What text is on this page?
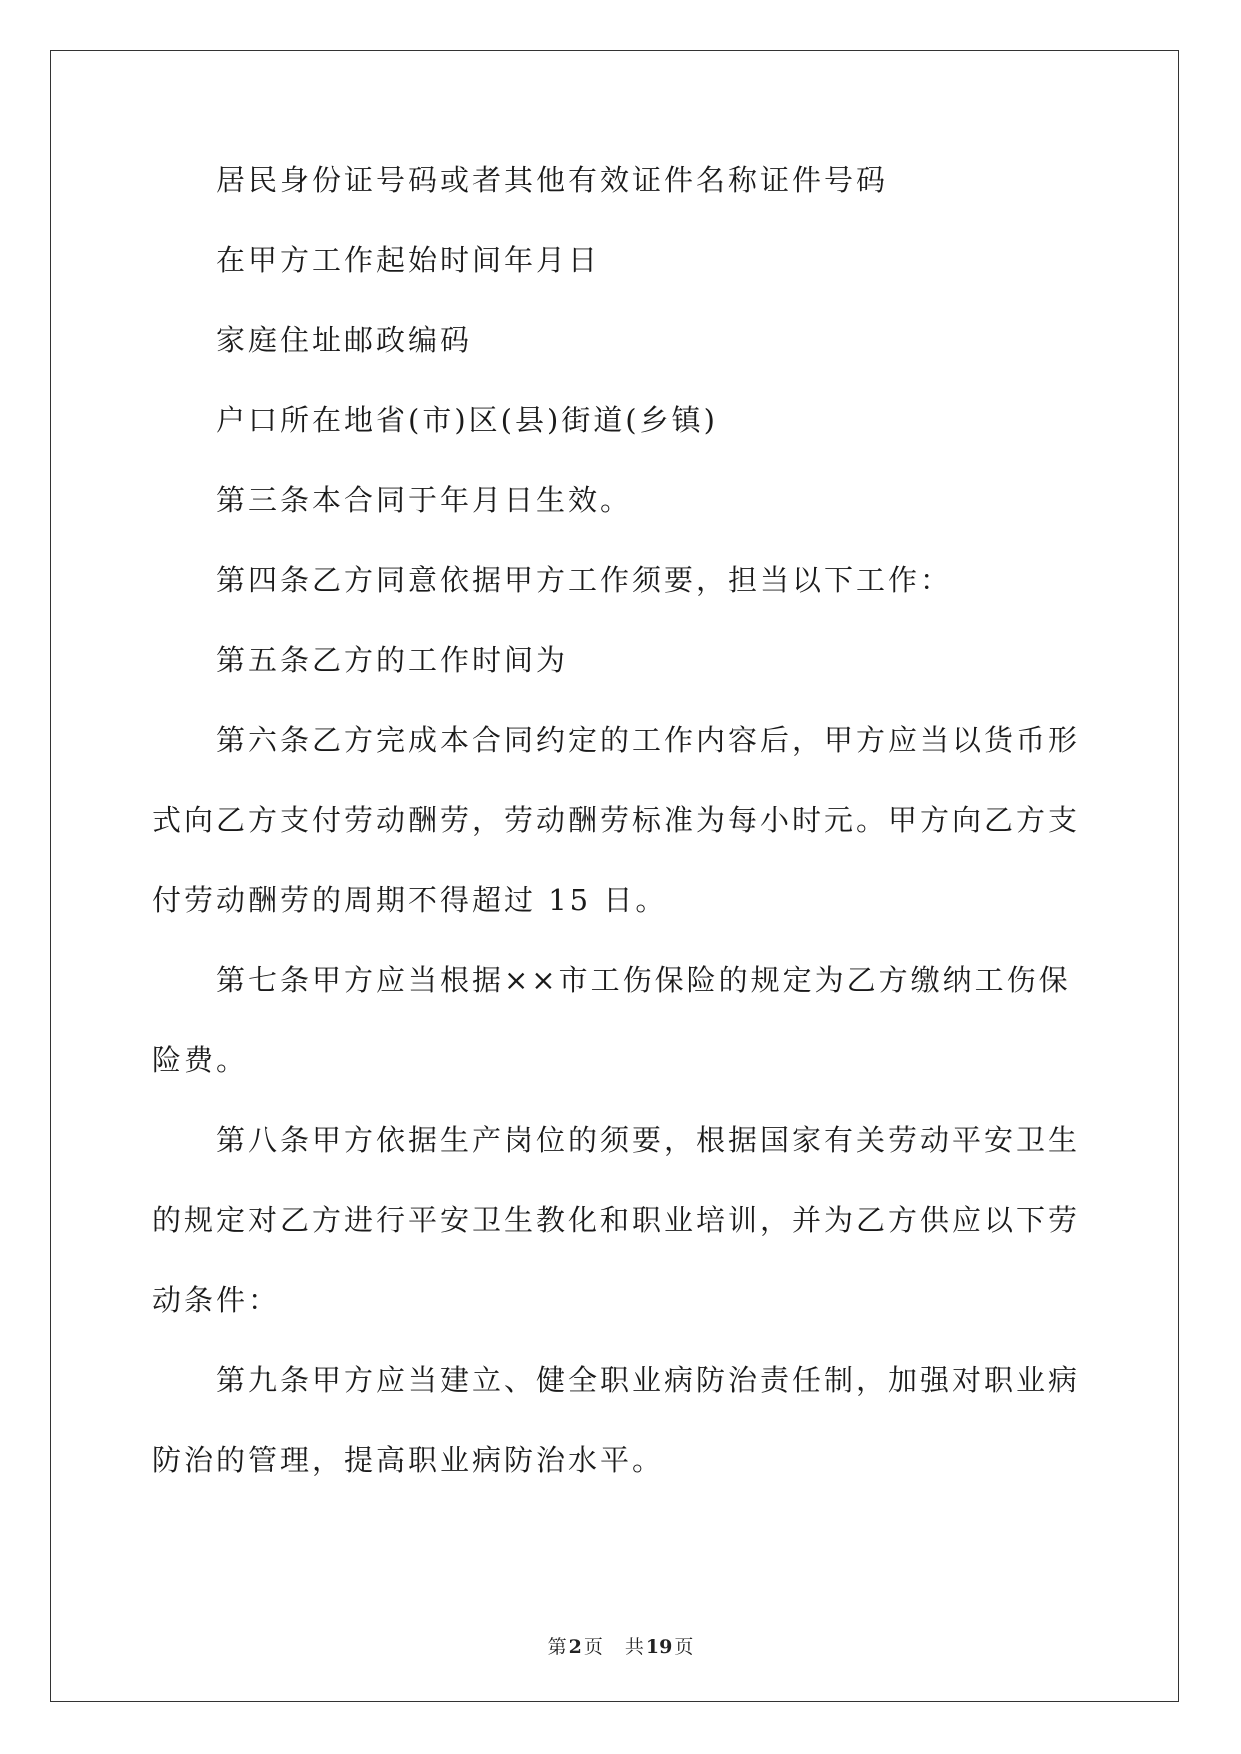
居民身份证号码或者其他有效证件名称证件号码

在甲方工作起始时间年月日

家庭住址邮政编码

户口所在地省(市)区(县)街道(乡镇)

第三条本合同于年月日生效。

第四条乙方同意依据甲方工作须要，担当以下工作：

第五条乙方的工作时间为

第六条乙方完成本合同约定的工作内容后，甲方应当以货币形式向乙方支付劳动酬劳，劳动酬劳标准为每小时元。甲方向乙方支付劳动酬劳的周期不得超过 15 日。

第七条甲方应当根据××市工伤保险的规定为乙方缴纳工伤保险费。

第八条甲方依据生产岗位的须要，根据国家有关劳动平安卫生的规定对乙方进行平安卫生教化和职业培训，并为乙方供应以下劳动条件：

第九条甲方应当建立、健全职业病防治责任制，加强对职业病防治的管理，提高职业病防治水平。

第 2 页 共 19 页
